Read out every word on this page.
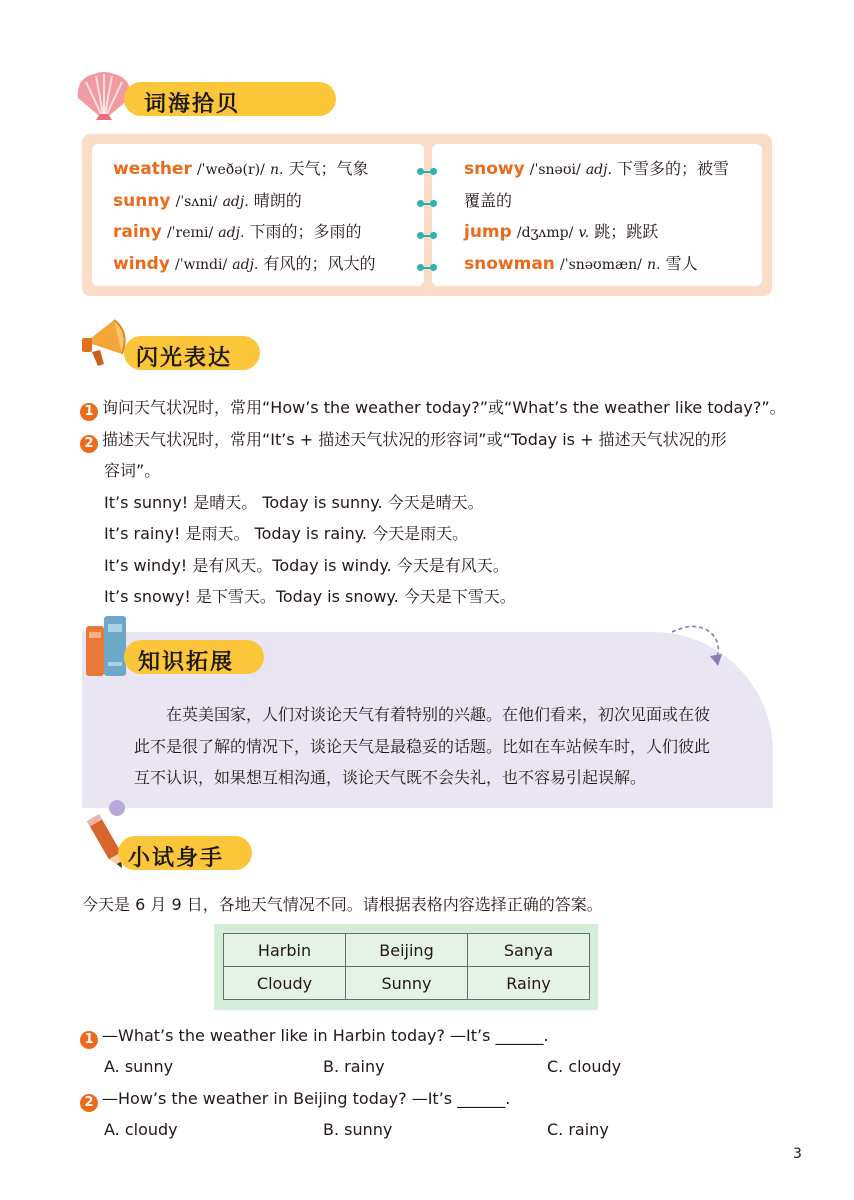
词海拾贝
weather /ˈweðə(r)/ n. 天气；气象
sunny /ˈsʌni/ adj. 晴朗的
rainy /ˈreɪni/ adj. 下雨的；多雨的
windy /ˈwɪndi/ adj. 有风的；风大的
snowy /ˈsnəʊi/ adj. 下雪多的；被雪
覆盖的
jump /dʒʌmp/ v. 跳；跳跃
snowman /ˈsnəʊmæn/ n. 雪人
闪光表达
1 询问天气状况时，常用“How’s the weather today?”或“What’s the weather like today?”。
2 描述天气状况时，常用“It’s + 描述天气状况的形容词”或“Today is + 描述天气状况的形
容词”。
It’s sunny! 是晴天。 Today is sunny. 今天是晴天。
It’s rainy! 是雨天。 Today is rainy. 今天是雨天。
It’s windy! 是有风天。Today is windy. 今天是有风天。
It’s snowy! 是下雪天。Today is snowy. 今天是下雪天。
知识拓展
在英美国家，人们对谈论天气有着特别的兴趣。在他们看来，初次见面或在彼
此不是很了解的情况下，谈论天气是最稳妥的话题。比如在车站候车时，人们彼此
互不认识，如果想互相沟通，谈论天气既不会失礼，也不容易引起误解。
小试身手
今天是 6 月 9 日，各地天气情况不同。请根据表格内容选择正确的答案。
Harbin	Beijing	Sanya
Cloudy	Sunny	Rainy
1 —What’s the weather like in Harbin today? —It’s ______.
A. sunny	B. rainy	C. cloudy
2 —How’s the weather in Beijing today? —It’s ______.
A. cloudy	B. sunny	C. rainy
3
